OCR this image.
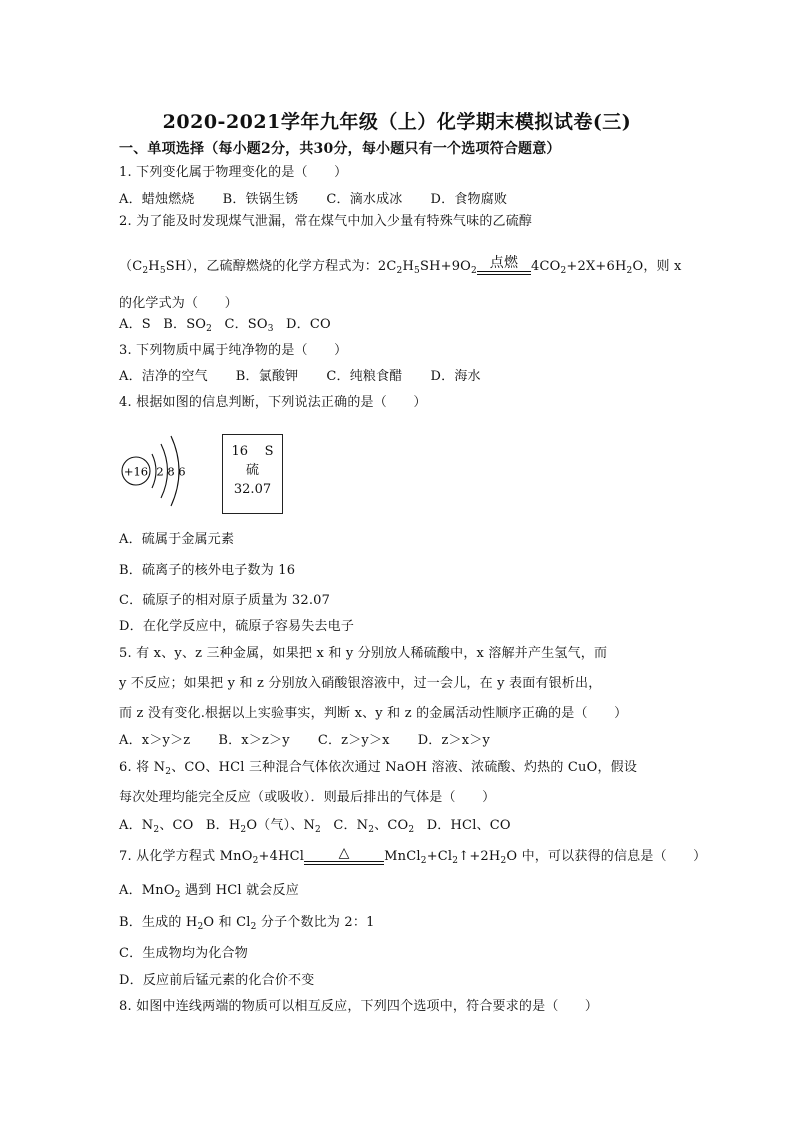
2020-2021学年九年级（上）化学期末模拟试卷(三)
一、单项选择（每小题2分，共30分，每小题只有一个选项符合题意）
1. 下列变化属于物理变化的是（　　）
A．蜡烛燃烧 B．铁锅生锈 C．滴水成冰 D．食物腐败
2. 为了能及时发现煤气泄漏，常在煤气中加入少量有特殊气味的乙硫醇
$(C_2H_5SH)$，乙硫醇燃烧的化学方程式为：$2C_2H_5SH+9O_2$ 点燃 $4CO_2+2X+6H_2O$，则 x
的化学式为（　　）
A．S B．$SO_2$ C．$SO_3$ D．CO
3. 下列物质中属于纯净物的是（　　）
A．洁净的空气 B．氯酸钾 C．纯粮食醋 D．海水
4. 根据如图的信息判断，下列说法正确的是（　　）
+16 2 8 6
16 S
硫
32.07
A．硫属于金属元素
B．硫离子的核外电子数为 16
C．硫原子的相对原子质量为 32.07
D．在化学反应中，硫原子容易失去电子
5. 有 x、y、z 三种金属，如果把 x 和 y 分别放人稀硫酸中，x 溶解并产生氢气，而
y 不反应；如果把 y 和 z 分别放入硝酸银溶液中，过一会儿，在 y 表面有银析出，
而 z 没有变化.根据以上实验事实，判断 x、y 和 z 的金属活动性顺序正确的是（　　）
A．x＞y＞z B．x＞z＞y C．z＞y＞x D．z＞x＞y
6. 将 $N_2$、CO、HCl 三种混合气体依次通过 NaOH 溶液、浓硫酸、灼热的 CuO，假设
每次处理均能完全反应（或吸收）．则最后排出的气体是（　　）
A．$N_2$、CO B．$H_2O$（气）、$N_2$ C．$N_2$、$CO_2$ D．HCl、CO
7. 从化学方程式 MnO$_2$+4HCl	△	$MnCl_2+Cl_2↑+2H_2O$ 中，可以获得的信息是（　　）
A．MnO$_2$ 遇到 HCl 就会反应
B．生成的 $H_2O$ 和 $Cl_2$ 分子个数比为 2：1
C．生成物均为化合物
D．反应前后锰元素的化合价不变
8. 如图中连线两端的物质可以相互反应，下列四个选项中，符合要求的是（　　）
